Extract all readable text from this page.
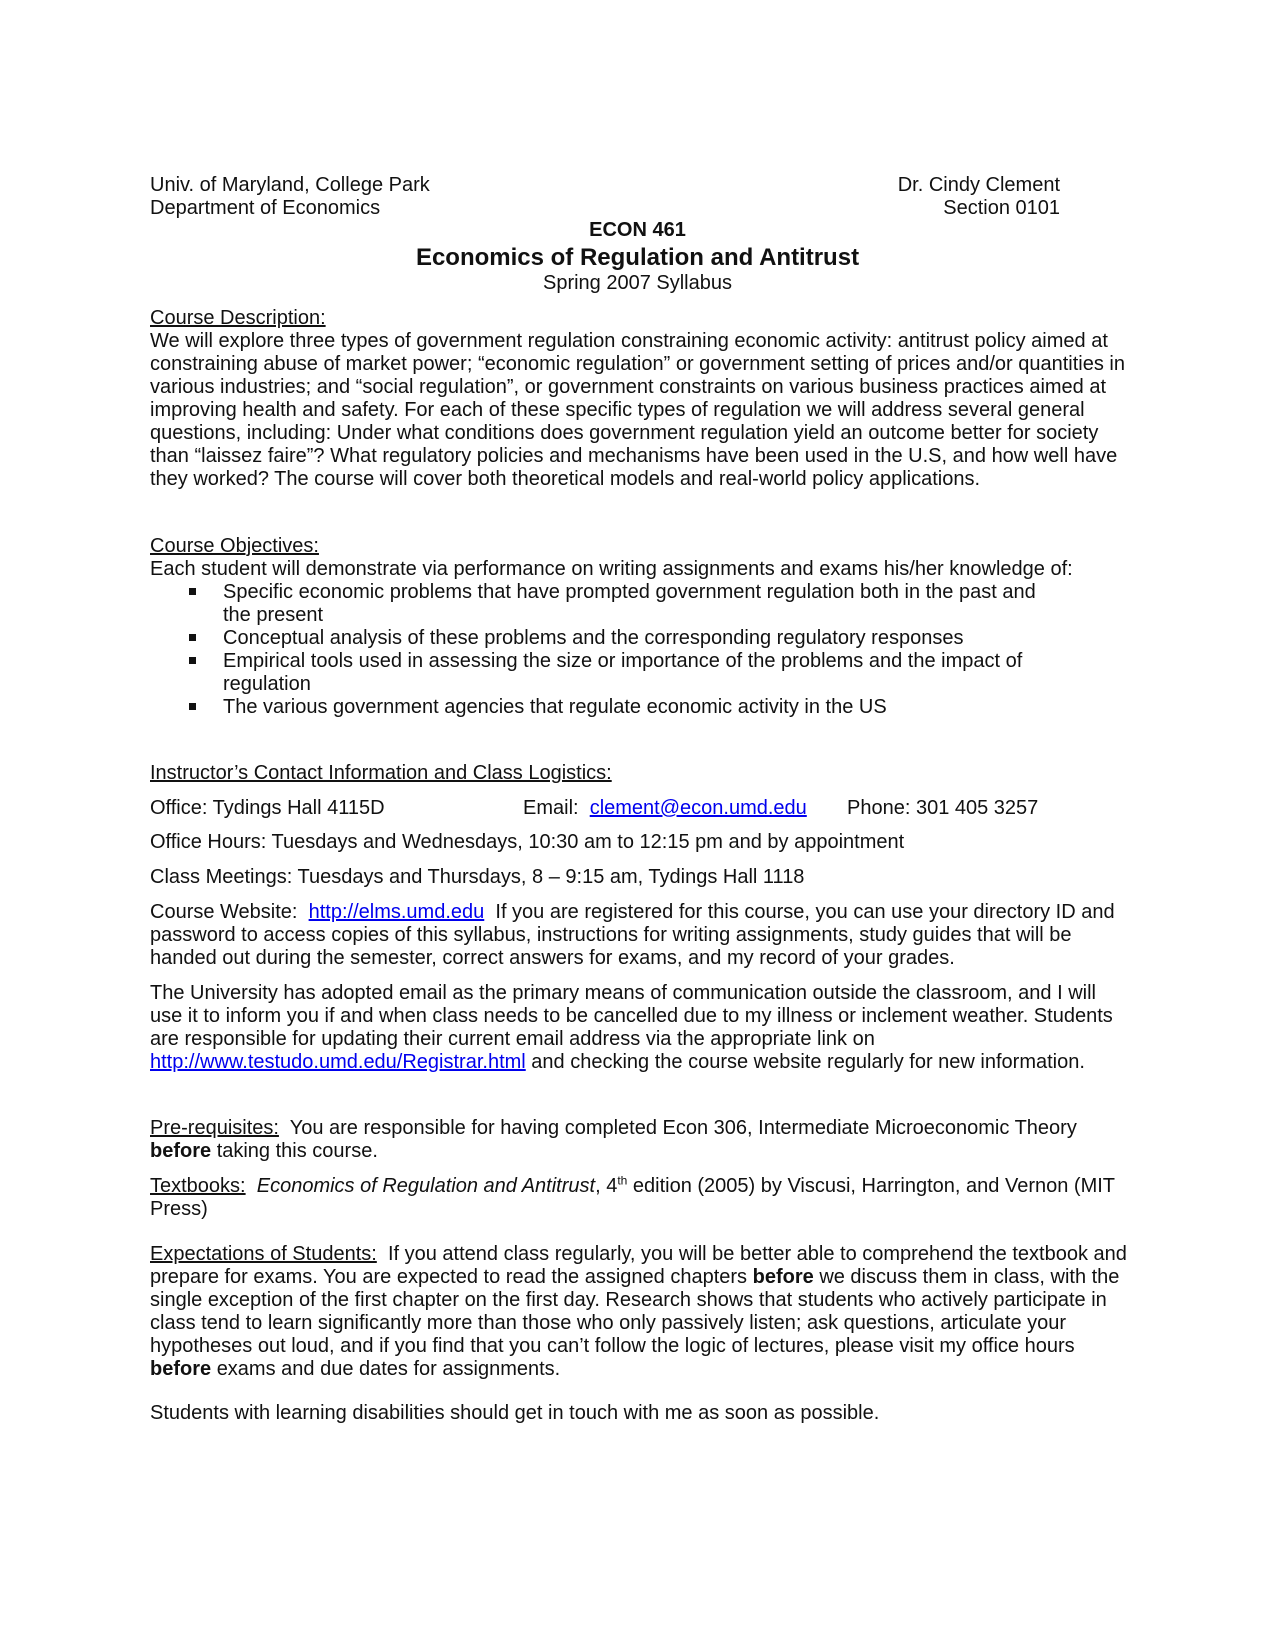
Univ. of Maryland, College Park
Department of Economics
Dr. Cindy Clement
Section 0101
ECON 461
Economics of Regulation and Antitrust
Spring 2007 Syllabus
Course Description:

We will explore three types of government regulation constraining economic activity: antitrust policy aimed at constraining abuse of market power; “economic regulation” or government setting of prices and/or quantities in various industries; and “social regulation”, or government constraints on various business practices aimed at improving health and safety. For each of these specific types of regulation we will address several general questions, including: Under what conditions does government regulation yield an outcome better for society than “laissez faire”? What regulatory policies and mechanisms have been used in the U.S, and how well have they worked? The course will cover both theoretical models and real-world policy applications.

Course Objectives:
Each student will demonstrate via performance on writing assignments and exams his/her knowledge of:
Specific economic problems that have prompted government regulation both in the past and the present
Conceptual analysis of these problems and the corresponding regulatory responses
Empirical tools used in assessing the size or importance of the problems and the impact of regulation
The various government agencies that regulate economic activity in the US
Instructor’s Contact Information and Class Logistics:
Office: Tydings Hall 4115D	Email: clement@econ.umd.edu Phone: 301 405 3257
Office Hours: Tuesdays and Wednesdays, 10:30 am to 12:15 pm and by appointment
Class Meetings: Tuesdays and Thursdays, 8 – 9:15 am, Tydings Hall 1118
Course Website: http://elms.umd.edu If you are registered for this course, you can use your directory ID and password to access copies of this syllabus, instructions for writing assignments, study guides that will be handed out during the semester, correct answers for exams, and my record of your grades.
The University has adopted email as the primary means of communication outside the classroom, and I will use it to inform you if and when class needs to be cancelled due to my illness or inclement weather. Students are responsible for updating their current email address via the appropriate link on http://www.testudo.umd.edu/Registrar.html and checking the course website regularly for new information.
Pre-requisites: You are responsible for having completed Econ 306, Intermediate Microeconomic Theory before taking this course.
Textbooks: Economics of Regulation and Antitrust, 4th edition (2005) by Viscusi, Harrington, and Vernon (MIT Press)
Expectations of Students: If you attend class regularly, you will be better able to comprehend the textbook and prepare for exams. You are expected to read the assigned chapters before we discuss them in class, with the single exception of the first chapter on the first day. Research shows that students who actively participate in class tend to learn significantly more than those who only passively listen; ask questions, articulate your hypotheses out loud, and if you find that you can’t follow the logic of lectures, please visit my office hours before exams and due dates for assignments.
Students with learning disabilities should get in touch with me as soon as possible.
